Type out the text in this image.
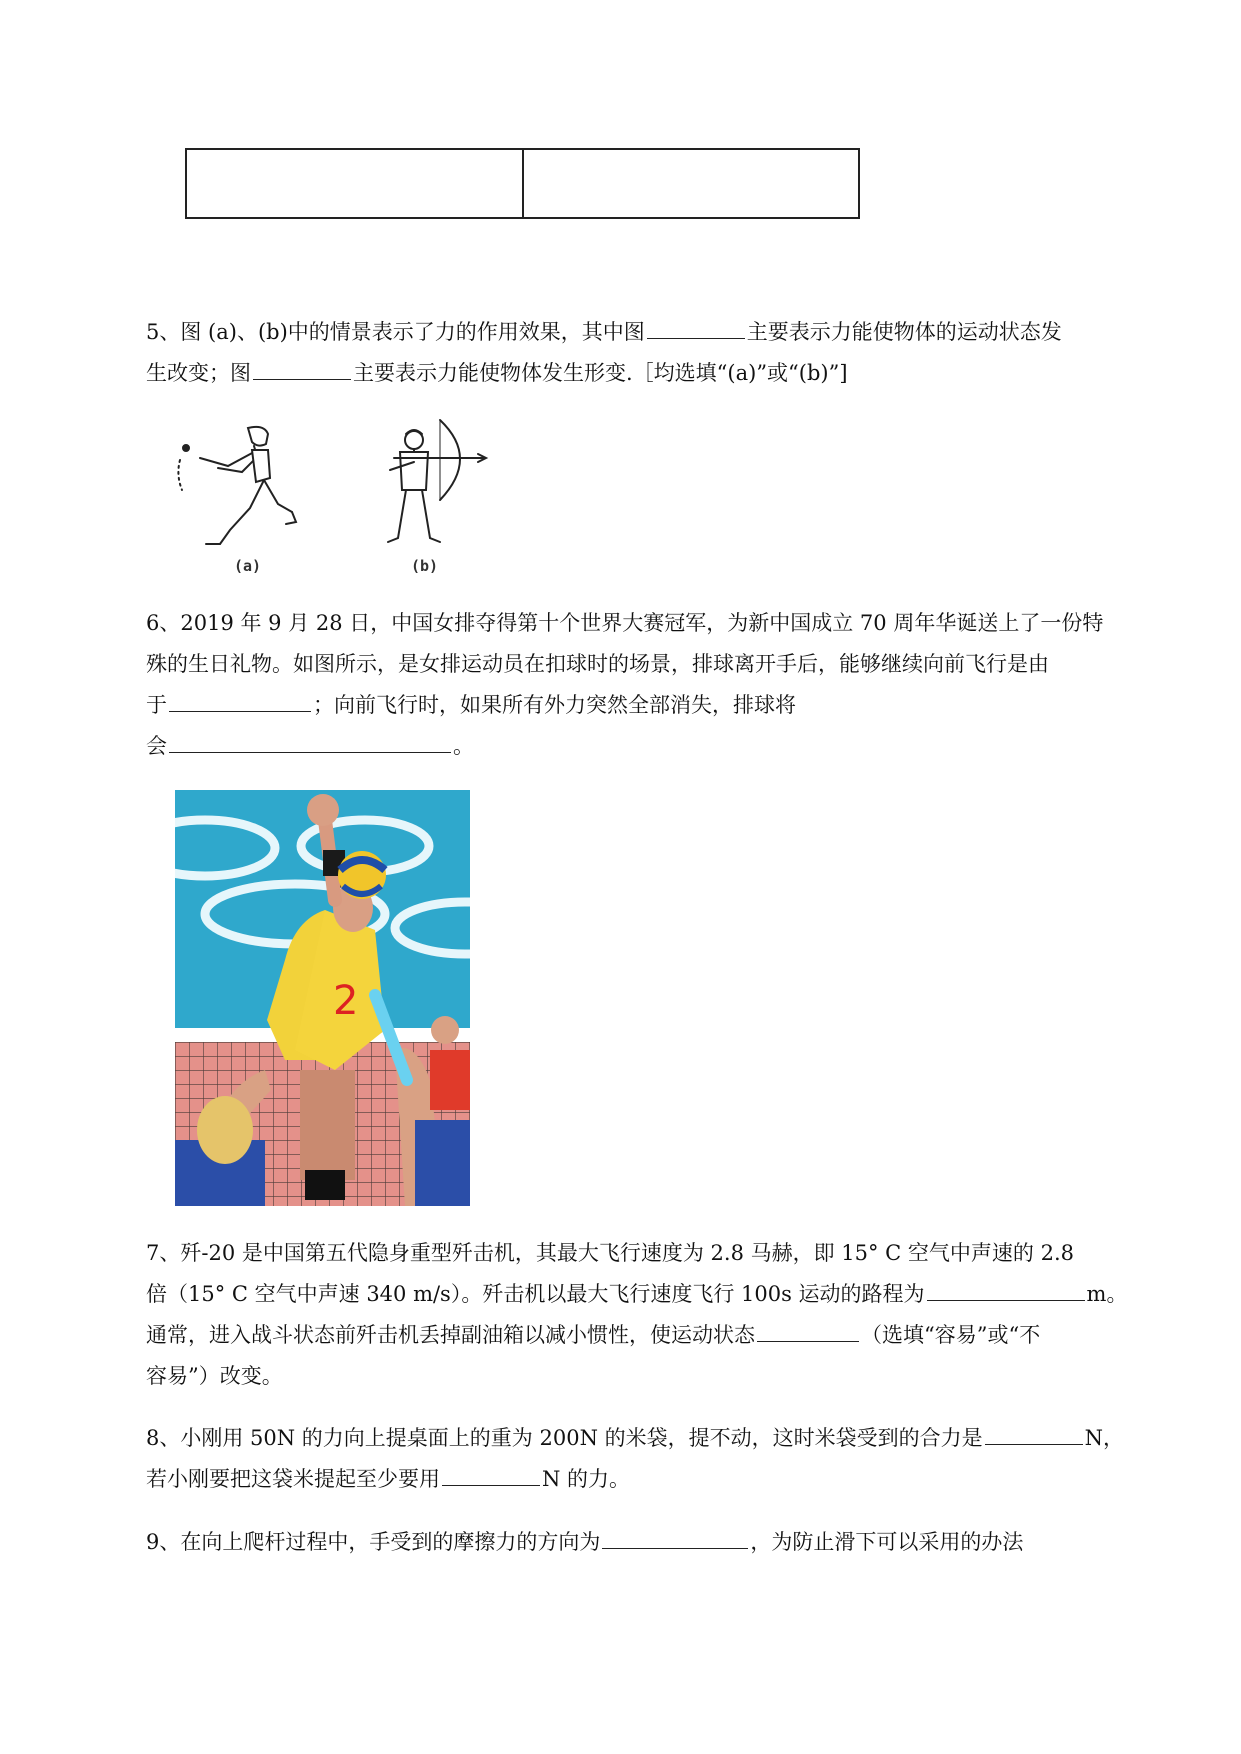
5、图 (a)、(b)中的情景表示了力的作用效果，其中图	主要表示力能使物体的运动状态发
生改变；图	主要表示力能使物体发生形变.［均选填“(a)”或“(b)”]
(a)	(b)
6、2019 年 9 月 28 日，中国女排夺得第十个世界大赛冠军，为新中国成立 70 周年华诞送上了一份特
殊的生日礼物。如图所示，是女排运动员在扣球时的场景，排球离开手后，能够继续向前飞行是由
于	；向前飞行时，如果所有外力突然全部消失，排球将
会	。
2
7、歼-20 是中国第五代隐身重型歼击机，其最大飞行速度为 2.8 马赫，即 15° C 空气中声速的 2.8
倍（15° C 空气中声速 340 m/s）。歼击机以最大飞行速度飞行 100s 运动的路程为	m。
通常，进入战斗状态前歼击机丢掉副油箱以减小惯性，使运动状态	（选填“容易”或“不
容易”）改变。
8、小刚用 50N 的力向上提桌面上的重为 200N 的米袋，提不动，这时米袋受到的合力是	N，
若小刚要把这袋米提起至少要用	N 的力。
9、在向上爬杆过程中，手受到的摩擦力的方向为	，为防止滑下可以采用的办法
